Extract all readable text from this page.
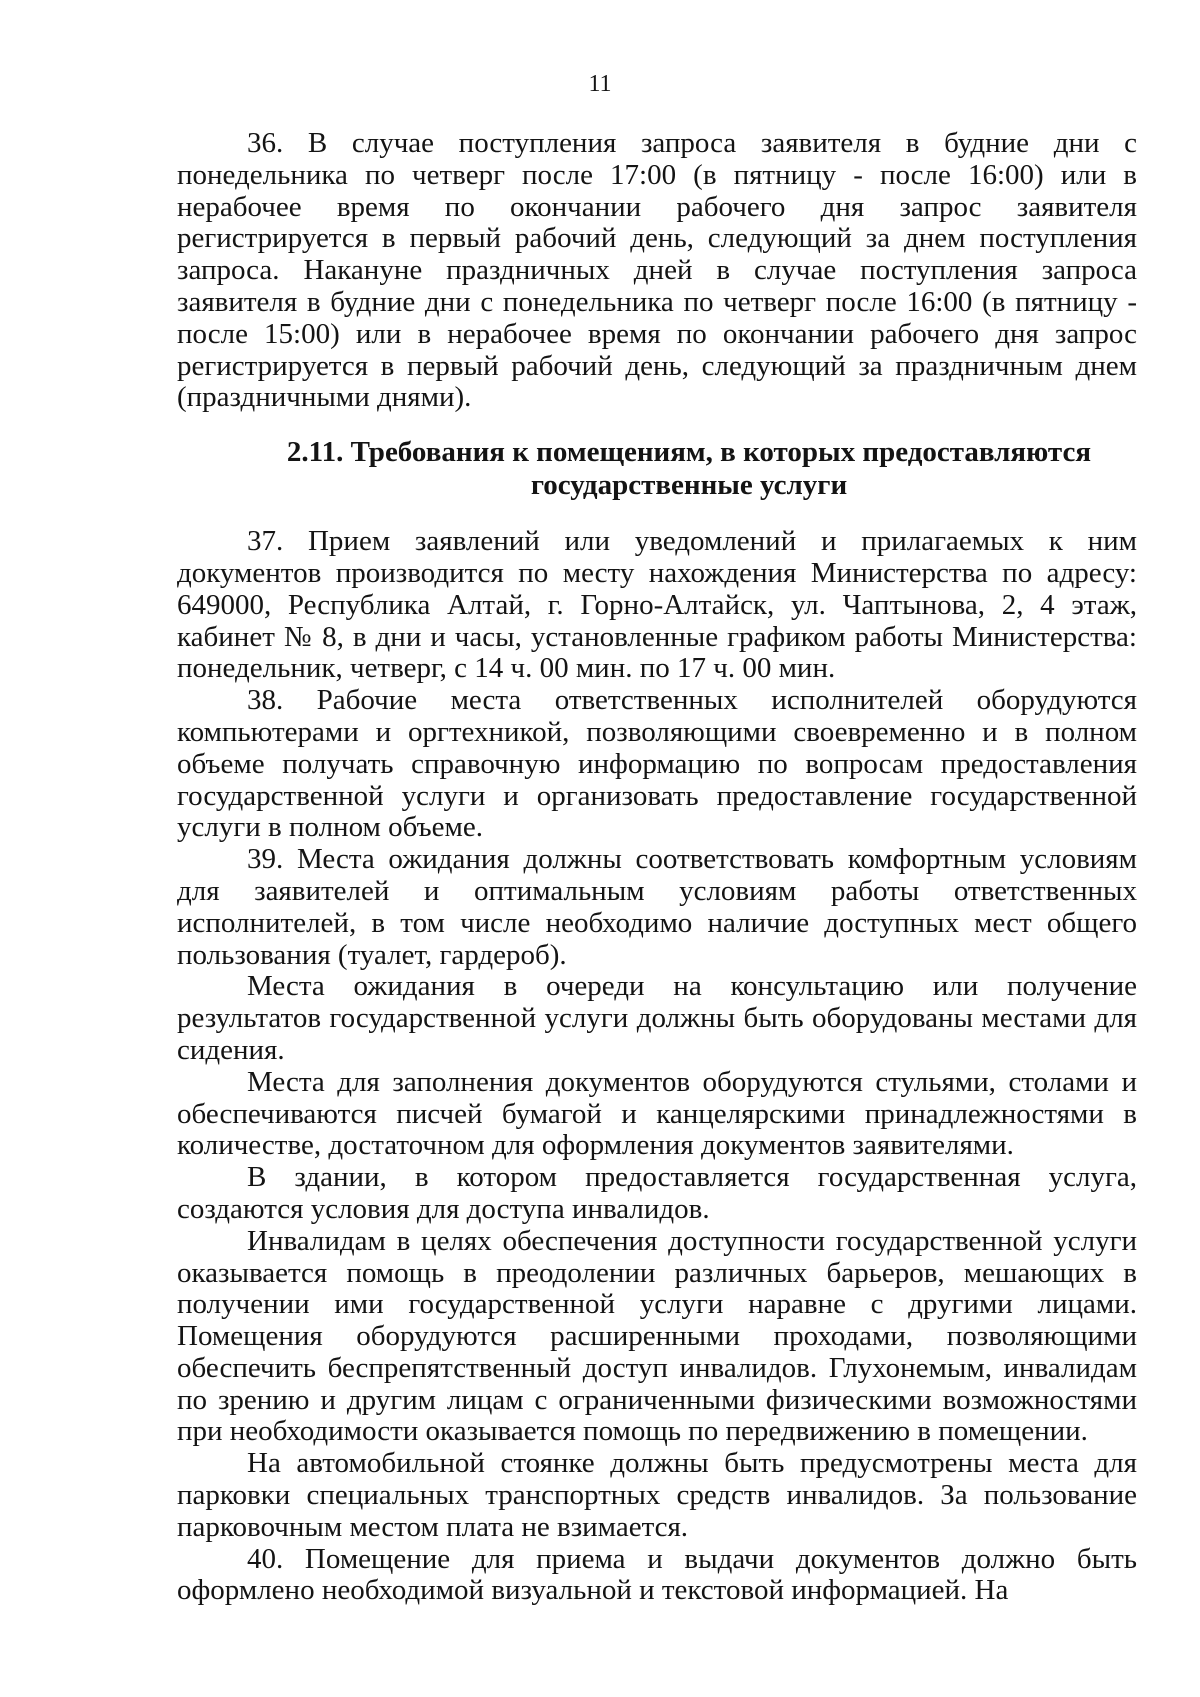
11

36. В случае поступления запроса заявителя в будние дни с понедельника по четверг после 17:00 (в пятницу - после 16:00) или в нерабочее время по окончании рабочего дня запрос заявителя регистрируется в первый рабочий день, следующий за днем поступления запроса. Накануне праздничных дней в случае поступления запроса заявителя в будние дни с понедельника по четверг после 16:00 (в пятницу - после 15:00) или в нерабочее время по окончании рабочего дня запрос регистрируется в первый рабочий день, следующий за праздничным днем (праздничными днями).

2.11. Требования к помещениям, в которых предоставляются
государственные услуги

37. Прием заявлений или уведомлений и прилагаемых к ним документов производится по месту нахождения Министерства по адресу: 649000, Республика Алтай, г. Горно-Алтайск, ул. Чаптынова, 2, 4 этаж, кабинет № 8, в дни и часы, установленные графиком работы Министерства: понедельник, четверг, с 14 ч. 00 мин. по 17 ч. 00 мин.

38. Рабочие места ответственных исполнителей оборудуются компьютерами и оргтехникой, позволяющими своевременно и в полном объеме получать справочную информацию по вопросам предоставления государственной услуги и организовать предоставление государственной услуги в полном объеме.

39. Места ожидания должны соответствовать комфортным условиям для заявителей и оптимальным условиям работы ответственных исполнителей, в том числе необходимо наличие доступных мест общего пользования (туалет, гардероб).

Места ожидания в очереди на консультацию или получение результатов государственной услуги должны быть оборудованы местами для сидения.

Места для заполнения документов оборудуются стульями, столами и обеспечиваются писчей бумагой и канцелярскими принадлежностями в количестве, достаточном для оформления документов заявителями.

В здании, в котором предоставляется государственная услуга, создаются условия для доступа инвалидов.

Инвалидам в целях обеспечения доступности государственной услуги оказывается помощь в преодолении различных барьеров, мешающих в получении ими государственной услуги наравне с другими лицами. Помещения оборудуются расширенными проходами, позволяющими обеспечить беспрепятственный доступ инвалидов. Глухонемым, инвалидам по зрению и другим лицам с ограниченными физическими возможностями при необходимости оказывается помощь по передвижению в помещении.

На автомобильной стоянке должны быть предусмотрены места для парковки специальных транспортных средств инвалидов. За пользование парковочным местом плата не взимается.

40. Помещение для приема и выдачи документов должно быть оформлено необходимой визуальной и текстовой информацией. На
